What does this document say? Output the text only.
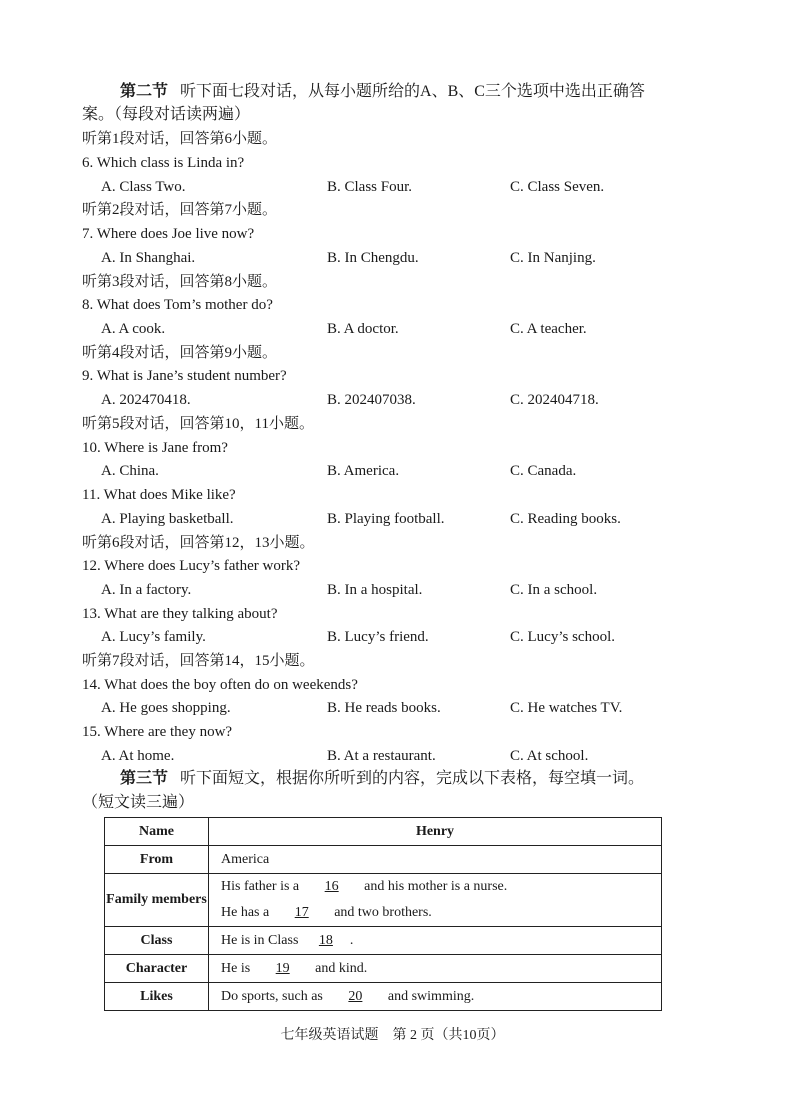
第二节 听下面七段对话，从每小题所给的A、B、C三个选项中选出正确答
案。（每段对话读两遍）
听第1段对话，回答第6小题。
6. Which class is Linda in?
A. Class Two.	B. Class Four.	C. Class Seven.
听第2段对话，回答第7小题。
7. Where does Joe live now?
A. In Shanghai.	B. In Chengdu.	C. In Nanjing.
听第3段对话，回答第8小题。
8. What does Tom’s mother do?
A. A cook.	B. A doctor.	C. A teacher.
听第4段对话，回答第9小题。
9. What is Jane’s student number?
A. 202470418.	B. 202407038.	C. 202404718.
听第5段对话，回答第10，11小题。
10. Where is Jane from?
A. China.	B. America.	C. Canada.
11. What does Mike like?
A. Playing basketball.	B. Playing football.	C. Reading books.
听第6段对话，回答第12，13小题。
12. Where does Lucy’s father work?
A. In a factory.	B. In a hospital.	C. In a school.
13. What are they talking about?
A. Lucy’s family.	B. Lucy’s friend.	C. Lucy’s school.
听第7段对话，回答第14，15小题。
14. What does the boy often do on weekends?
A. He goes shopping.	B. He reads books.	C. He watches TV.
15. Where are they now?
A. At home.	B. At a restaurant.	C. At school.
第三节 听下面短文，根据你所听到的内容，完成以下表格，每空填一词。
（短文读三遍）
Name	Henry
From	America
Family members	His father is a 16 and his mother is a nurse.
He has a 17 and two brothers.

Class	He is in Class 18 .
Character	He is 19 and kind.
Likes	Do sports, such as 20 and swimming.
七年级英语试题　第 2 页（共10页）
